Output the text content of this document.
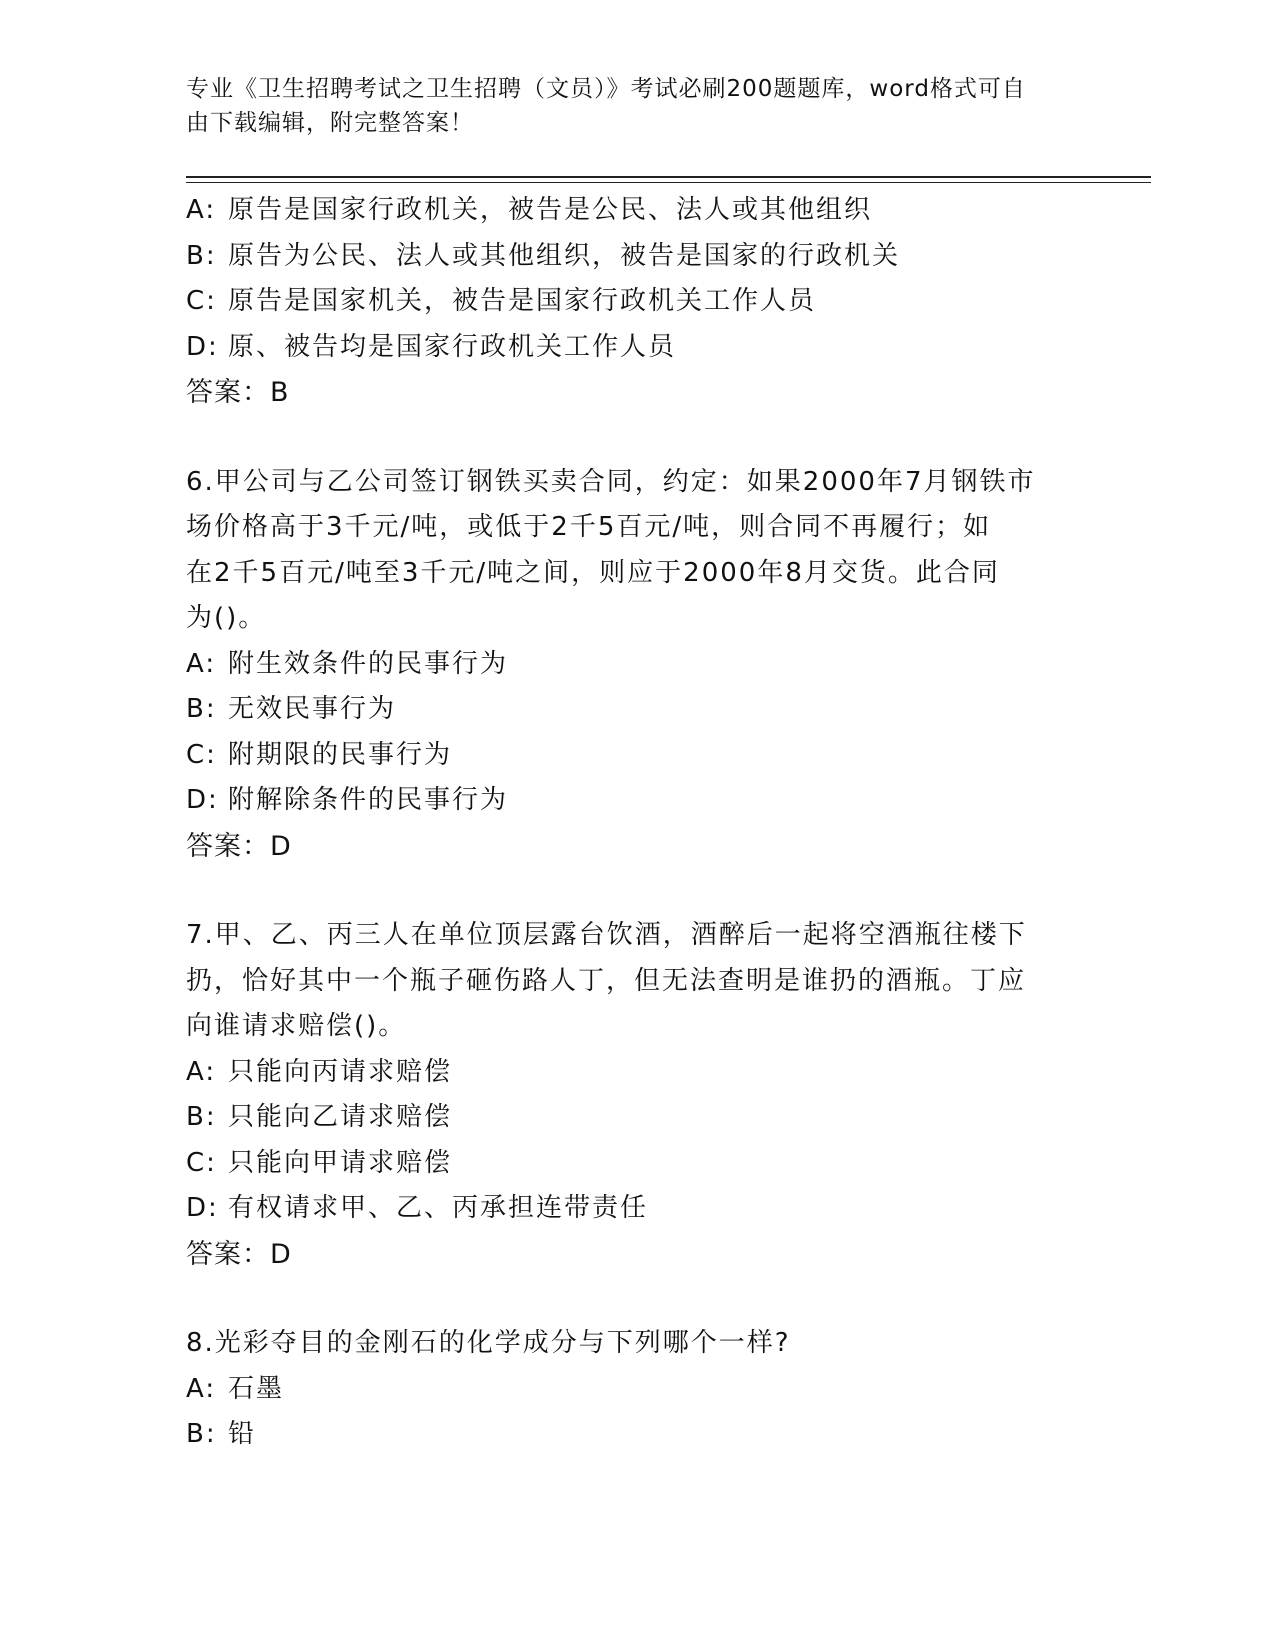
专业《卫生招聘考试之卫生招聘（文员）》考试必刷200题题库，word格式可自
由下载编辑，附完整答案！
A: 原告是国家行政机关，被告是公民、法人或其他组织
B: 原告为公民、法人或其他组织，被告是国家的行政机关
C: 原告是国家机关，被告是国家行政机关工作人员
D: 原、被告均是国家行政机关工作人员
答案：B
6.甲公司与乙公司签订钢铁买卖合同，约定：如果2000年7月钢铁市
场价格高于3千元/吨，或低于2千5百元/吨，则合同不再履行；如
在2千5百元/吨至3千元/吨之间，则应于2000年8月交货。此合同
为()。
A: 附生效条件的民事行为
B: 无效民事行为
C: 附期限的民事行为
D: 附解除条件的民事行为
答案：D
7.甲、乙、丙三人在单位顶层露台饮酒，酒醉后一起将空酒瓶往楼下
扔，恰好其中一个瓶子砸伤路人丁，但无法查明是谁扔的酒瓶。丁应
向谁请求赔偿()。
A: 只能向丙请求赔偿
B: 只能向乙请求赔偿
C: 只能向甲请求赔偿
D: 有权请求甲、乙、丙承担连带责任
答案：D
8.光彩夺目的金刚石的化学成分与下列哪个一样?
A: 石墨
B: 铅
